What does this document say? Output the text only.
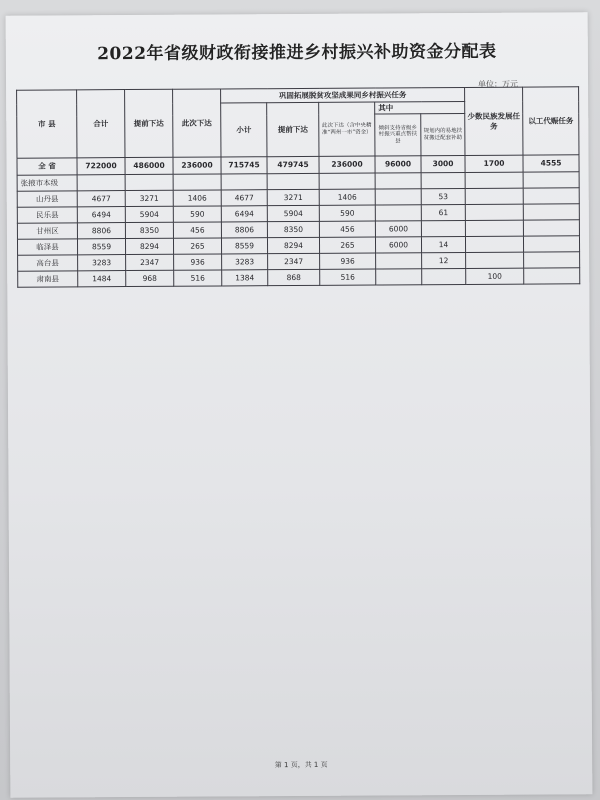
2022年省级财政衔接推进乡村振兴补助资金分配表
单位：万元
市 县	合计	提前下达	此次下达	巩固拓展脱贫攻坚成果同乡村振兴任务					少数民族发展任务	以工代赈任务
				小计	提前下达	此次下达（含中央精准“两州一市”资金）	其中			
							倾斜支持省级乡村振兴重点帮扶县	规划内的易地扶贫搬迁配套补助		
全 省	722000	486000	236000	715745	479745	236000	96000	3000	1700	4555
张掖市本级										
山丹县	4677	3271	1406	4677	3271	1406		53		
民乐县	6494	5904	590	6494	5904	590		61		
甘州区	8806	8350	456	8806	8350	456	6000			
临泽县	8559	8294	265	8559	8294	265	6000	14		
高台县	3283	2347	936	3283	2347	936		12		
肃南县	1484	968	516	1384	868	516			100	
第 1 页，共 1 页
